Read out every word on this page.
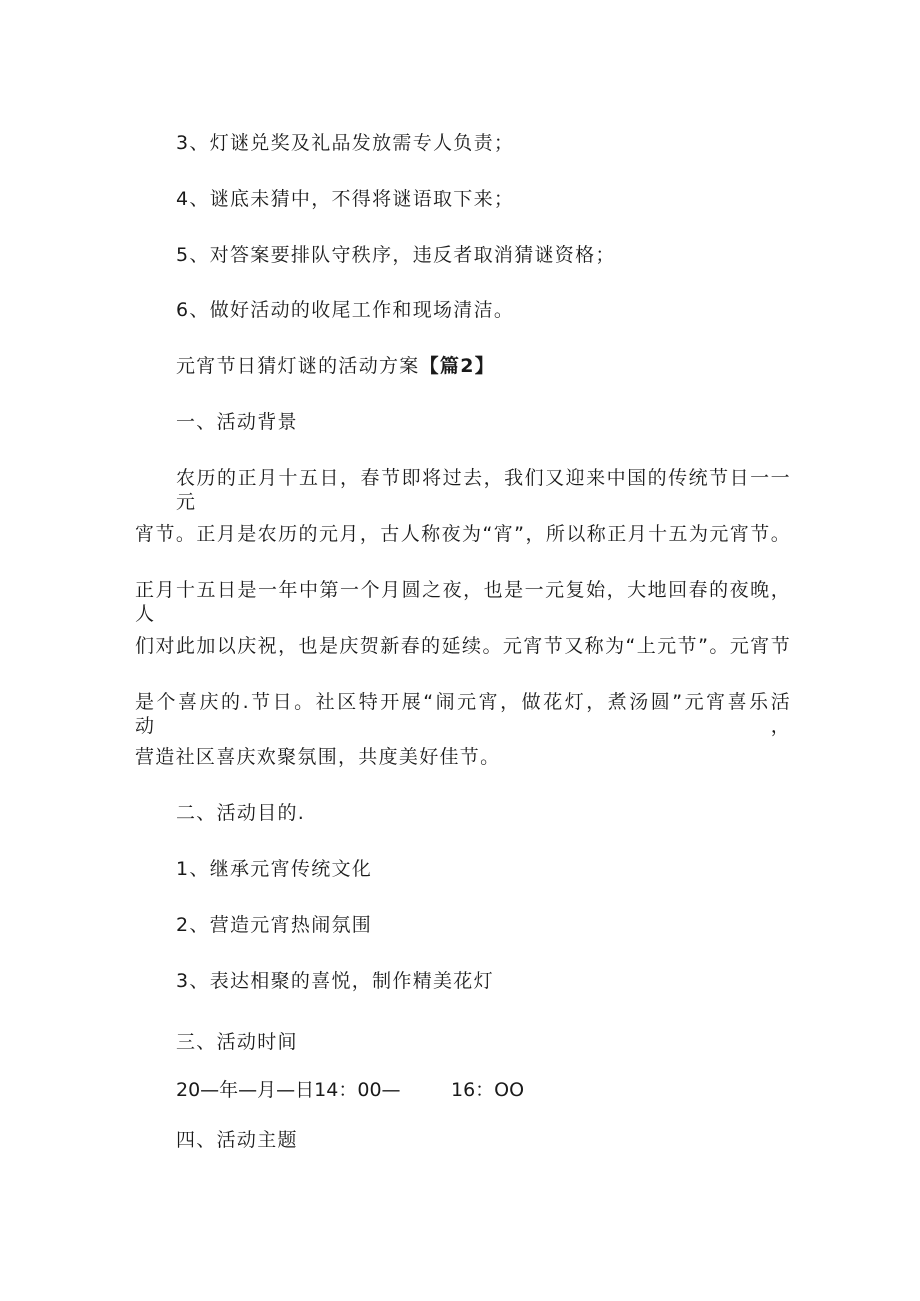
3、灯谜兑奖及礼品发放需专人负责；
4、谜底未猜中，不得将谜语取下来；
5、对答案要排队守秩序，违反者取消猜谜资格；
6、做好活动的收尾工作和现场清洁。
元宵节日猜灯谜的活动方案【篇2】
一、活动背景
农历的正月十五日，春节即将过去，我们又迎来中国的传统节日一一元
宵节。正月是农历的元月，古人称夜为“宵”，所以称正月十五为元宵节。
正月十五日是一年中第一个月圆之夜，也是一元复始，大地回春的夜晚，人
们对此加以庆祝，也是庆贺新春的延续。元宵节又称为“上元节”。元宵节
是个喜庆的.节日。社区特开展“闹元宵，做花灯，煮汤圆”元宵喜乐活动，
营造社区喜庆欢聚氛围，共度美好佳节。
二、活动目的.
1、继承元宵传统文化
2、营造元宵热闹氛围
3、表达相聚的喜悦，制作精美花灯
三、活动时间
20—年—月—日14：00—	16：OO
四、活动主题
